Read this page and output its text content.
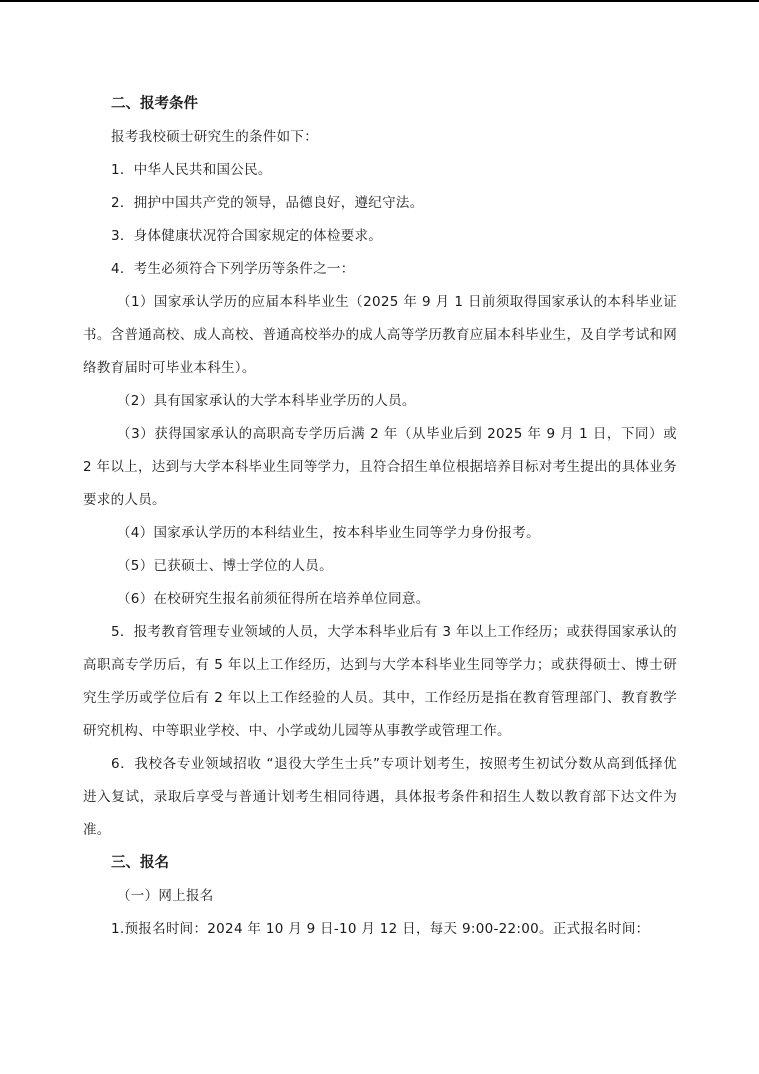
二、报考条件

报考我校硕士研究生的条件如下：

1．中华人民共和国公民。

2．拥护中国共产党的领导，品德良好，遵纪守法。

3．身体健康状况符合国家规定的体检要求。

4．考生必须符合下列学历等条件之一：

（1）国家承认学历的应届本科毕业生（2025 年 9 月 1 日前须取得国家承认的本科毕业证书。含普通高校、成人高校、普通高校举办的成人高等学历教育应届本科毕业生，及自学考试和网络教育届时可毕业本科生）。

（2）具有国家承认的大学本科毕业学历的人员。

（3）获得国家承认的高职高专学历后满 2 年（从毕业后到 2025 年 9 月 1 日，下同）或 2 年以上，达到与大学本科毕业生同等学力，且符合招生单位根据培养目标对考生提出的具体业务要求的人员。

（4）国家承认学历的本科结业生，按本科毕业生同等学力身份报考。

（5）已获硕士、博士学位的人员。

（6）在校研究生报名前须征得所在培养单位同意。

5．报考教育管理专业领域的人员，大学本科毕业后有 3 年以上工作经历；或获得国家承认的高职高专学历后，有 5 年以上工作经历，达到与大学本科毕业生同等学力；或获得硕士、博士研究生学历或学位后有 2 年以上工作经验的人员。其中，工作经历是指在教育管理部门、教育教学研究机构、中等职业学校、中、小学或幼儿园等从事教学或管理工作。

6．我校各专业领域招收 “退役大学生士兵”专项计划考生，按照考生初试分数从高到低择优进入复试，录取后享受与普通计划考生相同待遇，具体报考条件和招生人数以教育部下达文件为准。

三、报名

（一）网上报名

1.预报名时间：2024 年 10 月 9 日-10 月 12 日，每天 9:00-22:00。正式报名时间：
